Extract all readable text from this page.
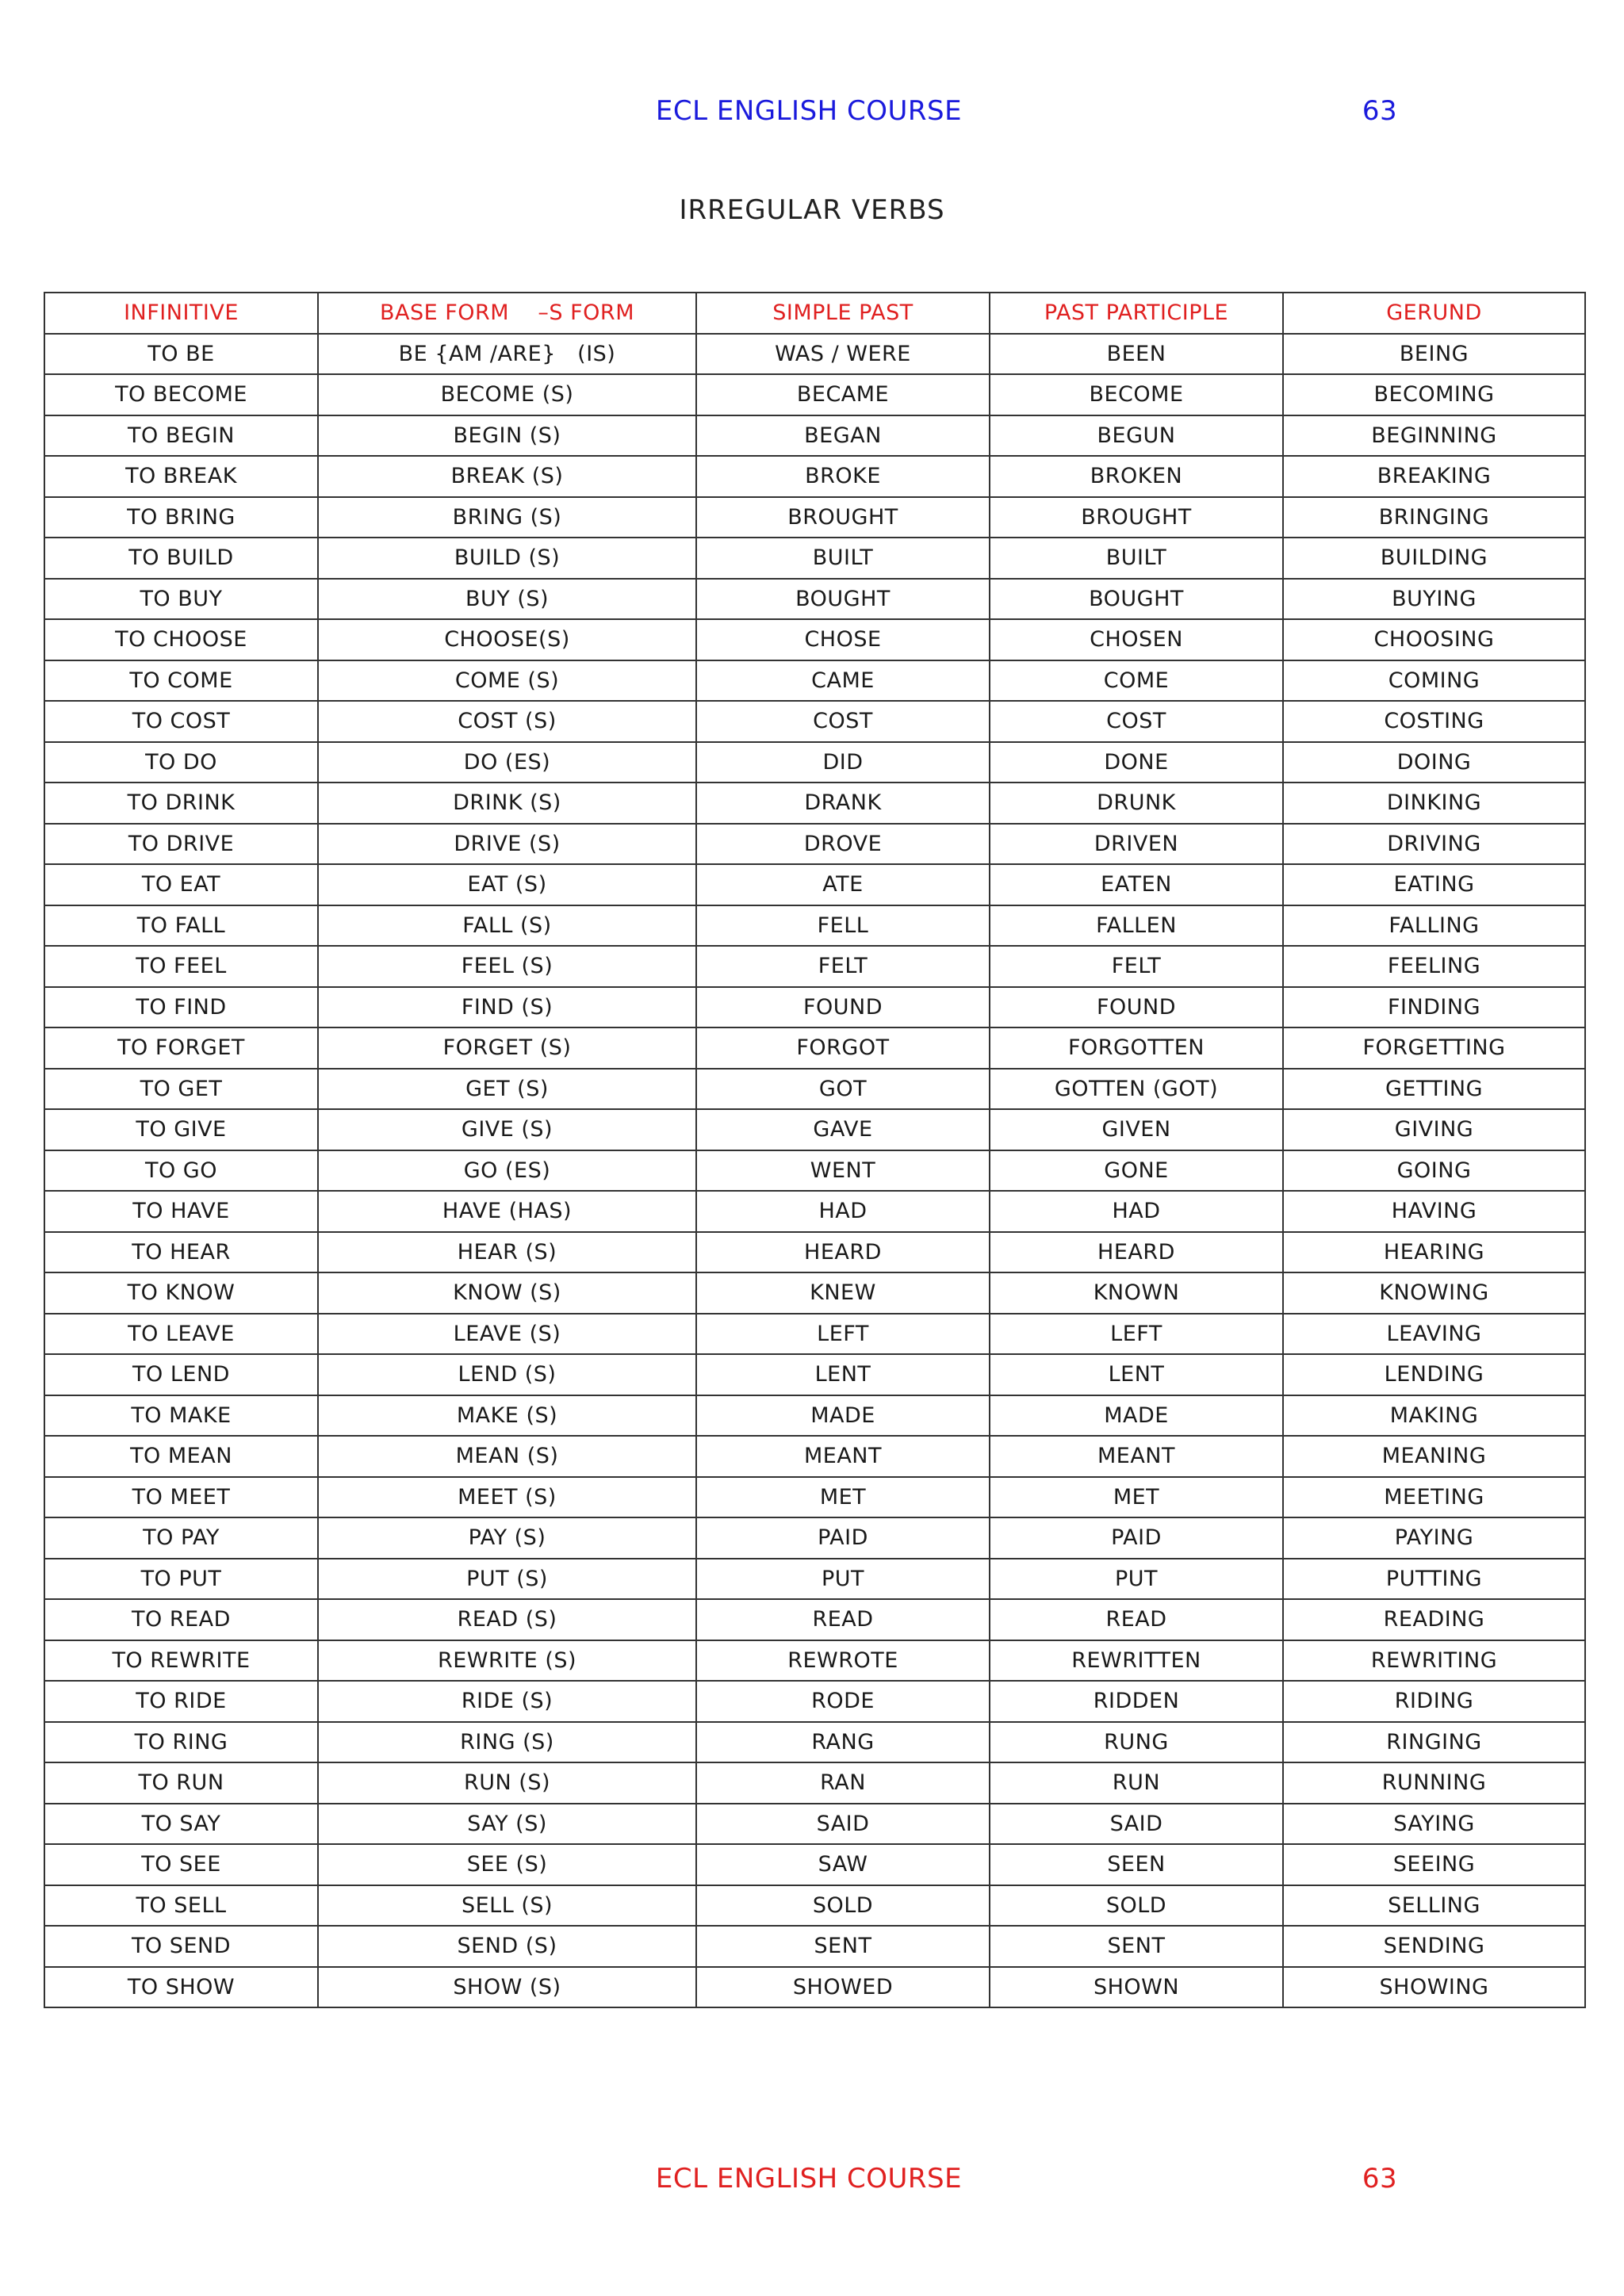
ECL ENGLISH COURSE	63
IRREGULAR VERBS
INFINITIVE	BASE FORM    –S FORM	SIMPLE PAST	PAST PARTICIPLE	GERUND
TO BE	BE {AM /ARE}   (IS)	WAS / WERE	BEEN	BEING
TO BECOME	BECOME (S)	BECAME	BECOME	BECOMING
TO BEGIN	BEGIN (S)	BEGAN	BEGUN	BEGINNING
TO BREAK	BREAK (S)	BROKE	BROKEN	BREAKING
TO BRING	BRING (S)	BROUGHT	BROUGHT	BRINGING
TO BUILD	BUILD (S)	BUILT	BUILT	BUILDING
TO BUY	BUY (S)	BOUGHT	BOUGHT	BUYING
TO CHOOSE	CHOOSE(S)	CHOSE	CHOSEN	CHOOSING
TO COME	COME (S)	CAME	COME	COMING
TO COST	COST (S)	COST	COST	COSTING
TO DO	DO (ES)	DID	DONE	DOING
TO DRINK	DRINK (S)	DRANK	DRUNK	DINKING
TO DRIVE	DRIVE (S)	DROVE	DRIVEN	DRIVING
TO EAT	EAT (S)	ATE	EATEN	EATING
TO FALL	FALL (S)	FELL	FALLEN	FALLING
TO FEEL	FEEL (S)	FELT	FELT	FEELING
TO FIND	FIND (S)	FOUND	FOUND	FINDING
TO FORGET	FORGET (S)	FORGOT	FORGOTTEN	FORGETTING
TO GET	GET (S)	GOT	GOTTEN (GOT)	GETTING
TO GIVE	GIVE (S)	GAVE	GIVEN	GIVING
TO GO	GO (ES)	WENT	GONE	GOING
TO HAVE	HAVE (HAS)	HAD	HAD	HAVING
TO HEAR	HEAR (S)	HEARD	HEARD	HEARING
TO KNOW	KNOW (S)	KNEW	KNOWN	KNOWING
TO LEAVE	LEAVE (S)	LEFT	LEFT	LEAVING
TO LEND	LEND (S)	LENT	LENT	LENDING
TO MAKE	MAKE (S)	MADE	MADE	MAKING
TO MEAN	MEAN (S)	MEANT	MEANT	MEANING
TO MEET	MEET (S)	MET	MET	MEETING
TO PAY	PAY (S)	PAID	PAID	PAYING
TO PUT	PUT (S)	PUT	PUT	PUTTING
TO READ	READ (S)	READ	READ	READING
TO REWRITE	REWRITE (S)	REWROTE	REWRITTEN	REWRITING
TO RIDE	RIDE (S)	RODE	RIDDEN	RIDING
TO RING	RING (S)	RANG	RUNG	RINGING
TO RUN	RUN (S)	RAN	RUN	RUNNING
TO SAY	SAY (S)	SAID	SAID	SAYING
TO SEE	SEE (S)	SAW	SEEN	SEEING
TO SELL	SELL (S)	SOLD	SOLD	SELLING
TO SEND	SEND (S)	SENT	SENT	SENDING
TO SHOW	SHOW (S)	SHOWED	SHOWN	SHOWING
ECL ENGLISH COURSE	63
